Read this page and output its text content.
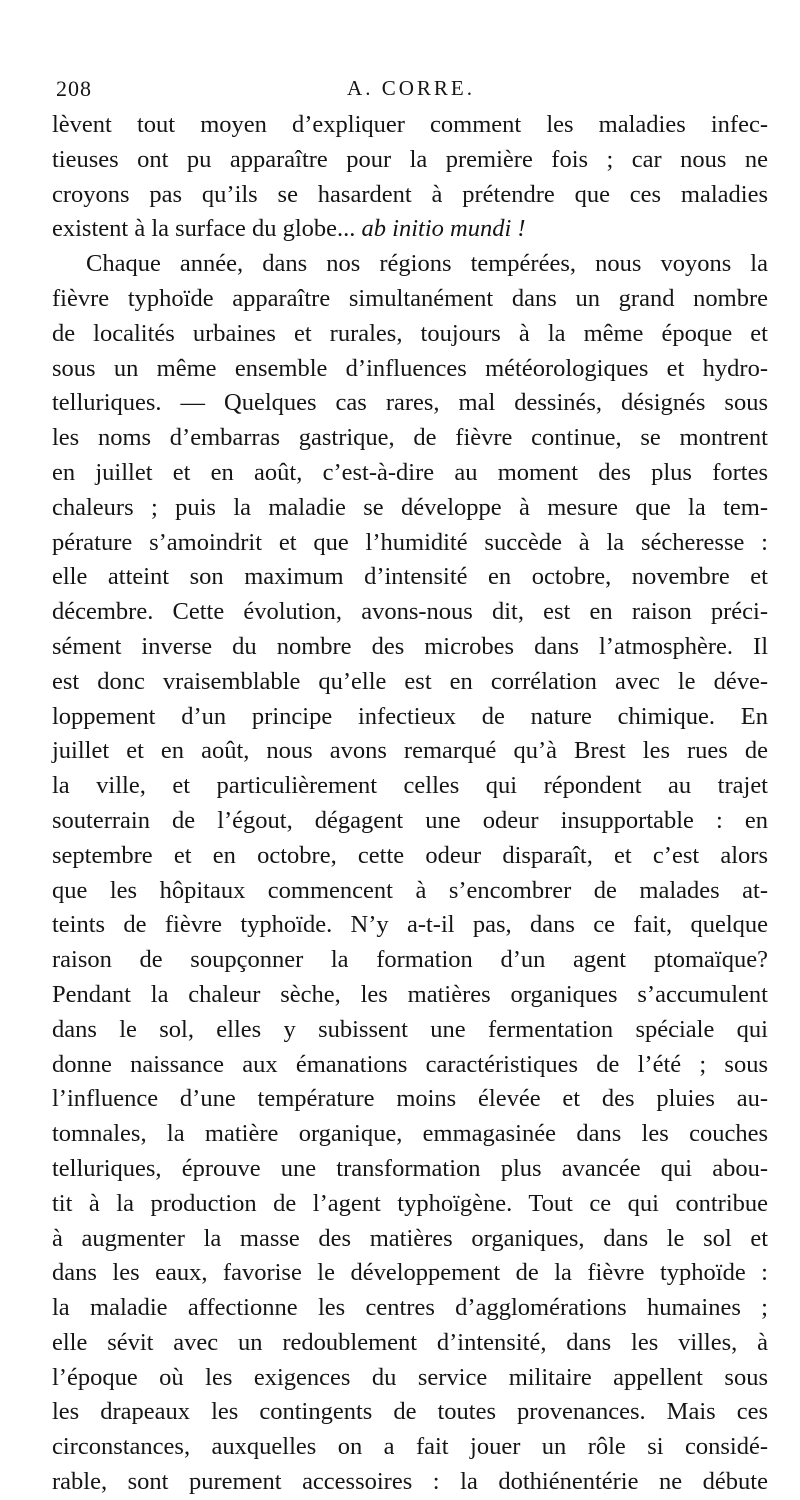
208	A. CORRE.
lèvent tout moyen d’expliquer comment les maladies infec-
tieuses ont pu apparaître pour la première fois ; car nous ne
croyons pas qu’ils se hasardent à prétendre que ces maladies
existent à la surface du globe... ab initio mundi !
Chaque année, dans nos régions tempérées, nous voyons la
fièvre typhoïde apparaître simultanément dans un grand nombre
de localités urbaines et rurales, toujours à la même époque et
sous un même ensemble d’influences météorologiques et hydro-
telluriques. — Quelques cas rares, mal dessinés, désignés sous
les noms d’embarras gastrique, de fièvre continue, se montrent
en juillet et en août, c’est-à-dire au moment des plus fortes
chaleurs ; puis la maladie se développe à mesure que la tem-
pérature s’amoindrit et que l’humidité succède à la sécheresse :
elle atteint son maximum d’intensité en octobre, novembre et
décembre. Cette évolution, avons-nous dit, est en raison préci-
sément inverse du nombre des microbes dans l’atmosphère. Il
est donc vraisemblable qu’elle est en corrélation avec le déve-
loppement d’un principe infectieux de nature chimique. En
juillet et en août, nous avons remarqué qu’à Brest les rues de
la ville, et particulièrement celles qui répondent au trajet
souterrain de l’égout, dégagent une odeur insupportable : en
septembre et en octobre, cette odeur disparaît, et c’est alors
que les hôpitaux commencent à s’encombrer de malades at-
teints de fièvre typhoïde. N’y a-t-il pas, dans ce fait, quelque
raison de soupçonner la formation d’un agent ptomaïque?
Pendant la chaleur sèche, les matières organiques s’accumulent
dans le sol, elles y subissent une fermentation spéciale qui
donne naissance aux émanations caractéristiques de l’été ; sous
l’influence d’une température moins élevée et des pluies au-
tomnales, la matière organique, emmagasinée dans les couches
telluriques, éprouve une transformation plus avancée qui abou-
tit à la production de l’agent typhoïgène. Tout ce qui contribue
à augmenter la masse des matières organiques, dans le sol et
dans les eaux, favorise le développement de la fièvre typhoïde :
la maladie affectionne les centres d’agglomérations humaines ;
elle sévit avec un redoublement d’intensité, dans les villes, à
l’époque où les exigences du service militaire appellent sous
les drapeaux les contingents de toutes provenances. Mais ces
circonstances, auxquelles on a fait jouer un rôle si considé-
rable, sont purement accessoires : la dothiénentérie ne débute
